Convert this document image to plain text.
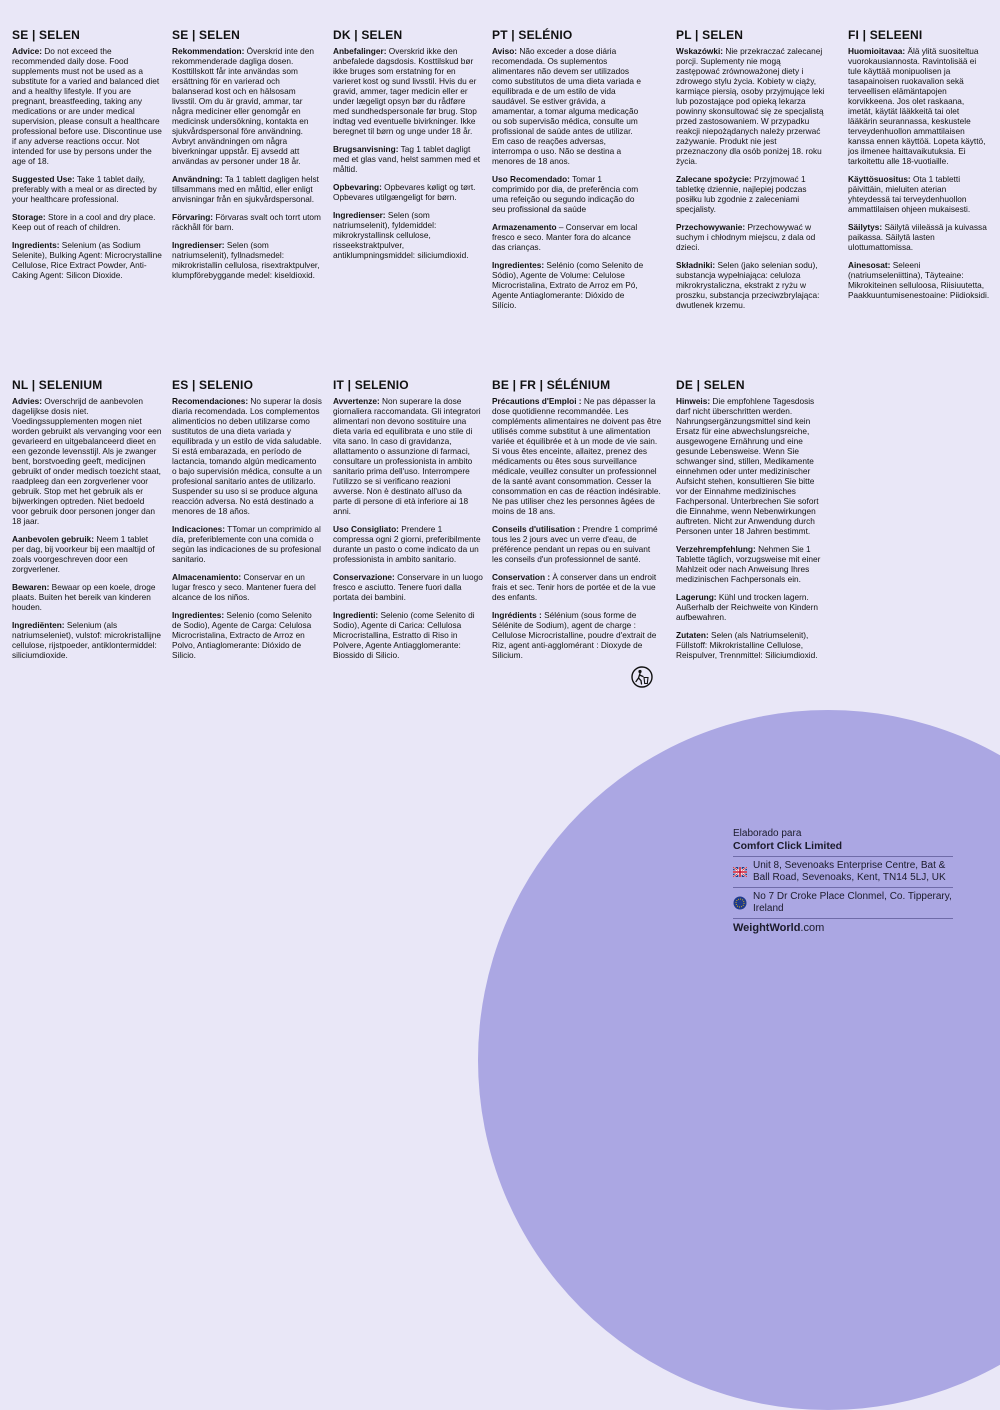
SE | SELEN

Advice: Do not exceed the recommended daily dose. Food supplements must not be used as a substitute for a varied and balanced diet and a healthy lifestyle. If you are pregnant, breastfeeding, taking any medications or are under medical supervision, please consult a healthcare professional before use. Discontinue use if any adverse reactions occur. Not intended for use by persons under the age of 18.

Suggested Use: Take 1 tablet daily, preferably with a meal or as directed by your healthcare professional.

Storage: Store in a cool and dry place. Keep out of reach of children.

Ingredients: Selenium (as Sodium Selenite), Bulking Agent: Microcrystalline Cellulose, Rice Extract Powder, Anti-Caking Agent: Silicon Dioxide.

SE | SELEN

Rekommendation: Överskrid inte den rekommenderade dagliga dosen. Kosttillskott får inte användas som ersättning för en varierad och balanserad kost och en hälsosam livsstil. Om du är gravid, ammar, tar några mediciner eller genomgår en medicinsk undersökning, kontakta en sjukvårdspersonal före användning. Avbryt användningen om några biverkningar uppstår. Ej avsedd att användas av personer under 18 år.

Användning: Ta 1 tablett dagligen helst tillsammans med en måltid, eller enligt anvisningar från en sjukvårdspersonal.

Förvaring: Förvaras svalt och torrt utom räckhåll för barn.

Ingredienser: Selen (som natriumselenit), fyllnadsmedel: mikrokristallin cellulosa, risextraktpulver, klumpförebyggande medel: kiseldioxid.

DK | SELEN

Anbefalinger: Overskrid ikke den anbefalede dagsdosis. Kosttilskud bør ikke bruges som erstatning for en varieret kost og sund livsstil. Hvis du er gravid, ammer, tager medicin eller er under lægeligt opsyn bør du rådføre med sundhedspersonale før brug. Stop indtag ved eventuelle bivirkninger. Ikke beregnet til børn og unge under 18 år.

Brugsanvisning: Tag 1 tablet dagligt med et glas vand, helst sammen med et måltid.

Opbevaring: Opbevares køligt og tørt. Opbevares utilgængeligt for børn.

Ingredienser: Selen (som natriumselenit), fyldemiddel: mikrokrystallinsk cellulose, risseekstraktpulver, antiklumpningsmiddel: siliciumdioxid.

PT | SELÉNIO

Aviso: Não exceder a dose diária recomendada. Os suplementos alimentares não devem ser utilizados como substitutos de uma dieta variada e equilibrada e de um estilo de vida saudável. Se estiver grávida, a amamentar, a tomar alguma medicação ou sob supervisão médica, consulte um profissional de saúde antes de utilizar. Em caso de reações adversas, interrompa o uso. Não se destina a menores de 18 anos.

Uso Recomendado: Tomar 1 comprimido por dia, de preferência com uma refeição ou segundo indicação do seu profissional da saúde

Armazenamento – Conservar em local fresco e seco. Manter fora do alcance das crianças.

Ingredientes: Selénio (como Selenito de Sódio), Agente de Volume: Celulose Microcristalina, Extrato de Arroz em Pó, Agente Antiaglomerante: Dióxido de Silício.

PL | SELEN

Wskazówki: Nie przekraczać zalecanej porcji. Suplementy nie mogą zastępować zrównoważonej diety i zdrowego stylu życia. Kobiety w ciąży, karmiące piersią, osoby przyjmujące leki lub pozostające pod opieką lekarza powinny skonsultować się ze specjalistą przed zastosowaniem. W przypadku reakcji niepożądanych należy przerwać zażywanie. Produkt nie jest przeznaczony dla osób poniżej 18. roku życia.

Zalecane spożycie: Przyjmować 1 tabletkę dziennie, najlepiej podczas posiłku lub zgodnie z zaleceniami specjalisty.

Przechowywanie: Przechowywać w suchym i chłodnym miejscu, z dala od dzieci.

Składniki: Selen (jako selenian sodu), substancja wypełniająca: celuloza mikrokrystaliczna, ekstrakt z ryżu w proszku, substancja przeciwzbrylająca: dwutlenek krzemu.

FI | SELEENI

Huomioitavaa: Älä ylitä suositeltua vuorokausiannosta. Ravintolisää ei tule käyttää monipuolisen ja tasapainoisen ruokavalion sekä terveellisen elämäntapojen korvikkeena. Jos olet raskaana, imetät, käytät lääkkeitä tai olet lääkärin seurannassa, keskustele terveydenhuollon ammattilaisen kanssa ennen käyttöä. Lopeta käyttö, jos ilmenee haittavaikutuksia. Ei tarkoitettu alle 18-vuotiaille.

Käyttösuositus: Ota 1 tabletti päivittäin, mieluiten aterian yhteydessä tai terveydenhuollon ammattilaisen ohjeen mukaisesti.

Säilytys: Säilytä viileässä ja kuivassa paikassa. Säilytä lasten ulottumattomissa.

Ainesosat: Seleeni (natriumseleniittina), Täyteaine: Mikrokiteinen selluloosa, Riisiuutetta, Paakkuuntumisenestoaine: Piidioksidi.

NL | SELENIUM

Advies: Overschrijd de aanbevolen dagelijkse dosis niet. Voedingssupplementen mogen niet worden gebruikt als vervanging voor een gevarieerd en uitgebalanceerd dieet en een gezonde levensstijl. Als je zwanger bent, borstvoeding geeft, medicijnen gebruikt of onder medisch toezicht staat, raadpleeg dan een zorgverlener voor gebruik. Stop met het gebruik als er bijwerkingen optreden. Niet bedoeld voor gebruik door personen jonger dan 18 jaar.

Aanbevolen gebruik: Neem 1 tablet per dag, bij voorkeur bij een maaltijd of zoals voorgeschreven door een zorgverlener.

Bewaren: Bewaar op een koele, droge plaats. Buiten het bereik van kinderen houden.

Ingrediënten: Selenium (als natriumseleniet), vulstof: microkristallijne cellulose, rijstpoeder, antiklontermiddel: siliciumdioxide.

ES | SELENIO

Recomendaciones: No superar la dosis diaria recomendada. Los complementos alimenticios no deben utilizarse como sustitutos de una dieta variada y equilibrada y un estilo de vida saludable. Si está embarazada, en período de lactancia, tomando algún medicamento o bajo supervisión médica, consulte a un profesional sanitario antes de utilizarlo. Suspender su uso si se produce alguna reacción adversa. No está destinado a menores de 18 años.

Indicaciones: TTomar un comprimido al día, preferiblemente con una comida o según las indicaciones de su profesional sanitario.

Almacenamiento: Conservar en un lugar fresco y seco. Mantener fuera del alcance de los niños.

Ingredientes: Selenio (como Selenito de Sodio), Agente de Carga: Celulosa Microcristalina, Extracto de Arroz en Polvo, Antiaglomerante: Dióxido de Silicio.

IT | SELENIO

Avvertenze: Non superare la dose giornaliera raccomandata. Gli integratori alimentari non devono sostituire una dieta varia ed equilibrata e uno stile di vita sano. In caso di gravidanza, allattamento o assunzione di farmaci, consultare un professionista in ambito sanitario prima dell'uso. Interrompere l'utilizzo se si verificano reazioni avverse. Non è destinato all'uso da parte di persone di età inferiore ai 18 anni.

Uso Consigliato: Prendere 1 compressa ogni 2 giorni, preferibilmente durante un pasto o come indicato da un professionista in ambito sanitario.

Conservazione: Conservare in un luogo fresco e asciutto. Tenere fuori dalla portata dei bambini.

Ingredienti: Selenio (come Selenito di Sodio), Agente di Carica: Cellulosa Microcristallina, Estratto di Riso in Polvere, Agente Antiagglomerante: Biossido di Silicio.

BE | FR | SÉLÉNIUM

Précautions d'Emploi : Ne pas dépasser la dose quotidienne recommandée. Les compléments alimentaires ne doivent pas être utilisés comme substitut à une alimentation variée et équilibrée et à un mode de vie sain. Si vous êtes enceinte, allaitez, prenez des médicaments ou êtes sous surveillance médicale, veuillez consulter un professionnel de la santé avant consommation. Cesser la consommation en cas de réaction indésirable. Ne pas utiliser chez les personnes âgées de moins de 18 ans.

Conseils d'utilisation : Prendre 1 comprimé tous les 2 jours avec un verre d'eau, de préférence pendant un repas ou en suivant les conseils d'un professionnel de santé.

Conservation : À conserver dans un endroit frais et sec. Tenir hors de portée et de la vue des enfants.

Ingrédients : Sélénium (sous forme de Sélénite de Sodium), agent de charge : Cellulose Microcristalline, poudre d'extrait de Riz, agent anti-agglomérant : Dioxyde de Silicium.

DE | SELEN

Hinweis: Die empfohlene Tagesdosis darf nicht überschritten werden. Nahrungsergänzungsmittel sind kein Ersatz für eine abwechslungsreiche, ausgewogene Ernährung und eine gesunde Lebensweise. Wenn Sie schwanger sind, stillen, Medikamente einnehmen oder unter medizinischer Aufsicht stehen, konsultieren Sie bitte vor der Einnahme medizinisches Fachpersonal. Unterbrechen Sie sofort die Einnahme, wenn Nebenwirkungen auftreten. Nicht zur Anwendung durch Personen unter 18 Jahren bestimmt.

Verzehrempfehlung: Nehmen Sie 1 Tablette täglich, vorzugsweise mit einer Mahlzeit oder nach Anweisung Ihres medizinischen Fachpersonals ein.

Lagerung: Kühl und trocken lagern. Außerhalb der Reichweite von Kindern aufbewahren.

Zutaten: Selen (als Natriumselenit), Füllstoff: Mikrokristalline Cellulose, Reispulver, Trennmittel: Siliciumdioxid.

Elaborado para
Comfort Click Limited
Unit 8, Sevenoaks Enterprise Centre, Bat & Ball Road, Sevenoaks, Kent, TN14 5LJ, UK
No 7 Dr Croke Place Clonmel, Co. Tipperary, Ireland
WeightWorld.com
